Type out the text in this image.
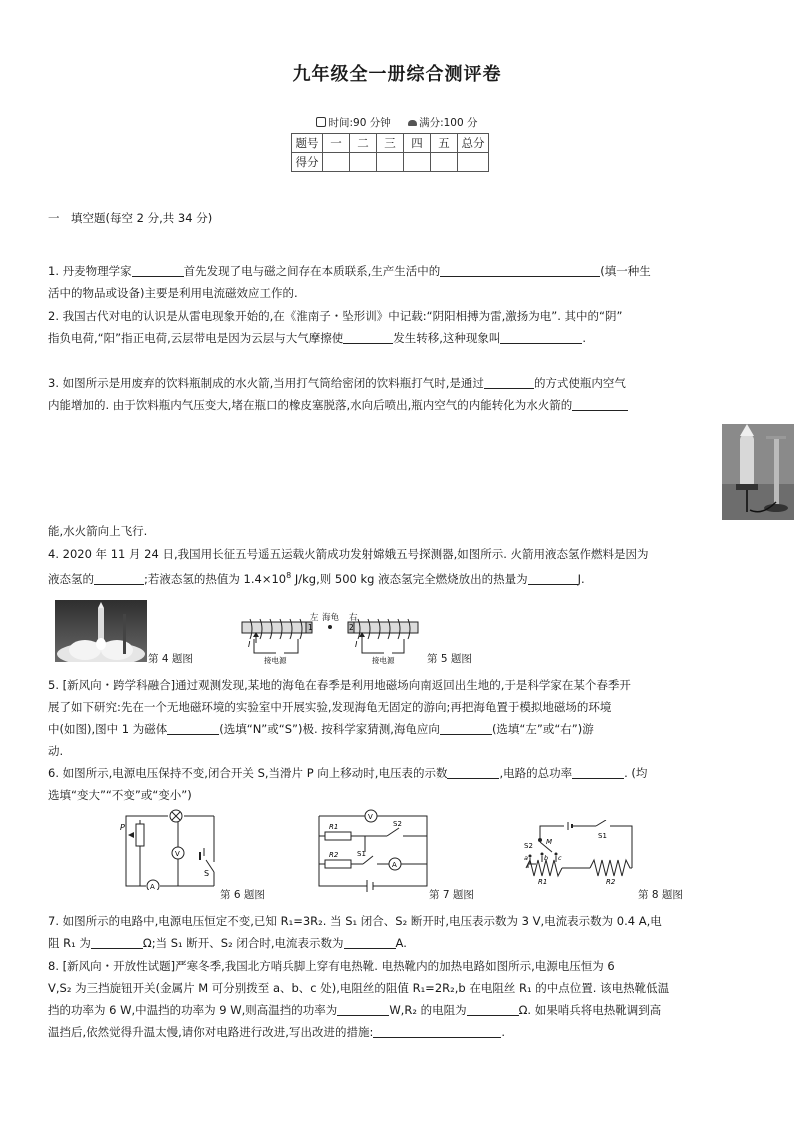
九年级全一册综合测评卷
时间:90 分钟	满分:100 分
题号	一	二	三	四	五	总分
得分						
一　填空题(每空 2 分,共 34 分)
1. 丹麦物理学家	首先发现了电与磁之间存在本质联系,生产生活中的	(填一种生
活中的物品或设备)主要是利用电流磁效应工作的.
2. 我国古代对电的认识是从雷电现象开始的,在《淮南子・坠形训》中记载:“阴阳相搏为雷,激扬为电”. 其中的“阴”
指负电荷,“阳”指正电荷,云层带电是因为云层与大气摩擦使	发生转移,这种现象叫	.
3. 如图所示是用废弃的饮料瓶制成的水火箭,当用打气筒给密闭的饮料瓶打气时,是通过	的方式使瓶内空气
内能增加的. 由于饮料瓶内气压变大,堵在瓶口的橡皮塞脱落,水向后喷出,瓶内空气的内能转化为水火箭的
能,水火箭向上飞行.
4. 2020 年 11 月 24 日,我国用长征五号遥五运载火箭成功发射嫦娥五号探测器,如图所示. 火箭用液态氢作燃料是因为
液态氢的	;若液态氢的热值为 $1.4\times 10^8$ J/kg,则 500 kg 液态氢完全燃烧放出的热量为	J.
第 4 题图
I	I
接电源	接电源
1	2
左 海龟 右
第 5 题图
5. [新风向・跨学科融合]通过观测发现,某地的海龟在春季是利用地磁场向南返回出生地的,于是科学家在某个春季开
展了如下研究:先在一个无地磁环境的实验室中开展实验,发现海龟无固定的游向;再把海龟置于模拟地磁场的环境
中(如图),图中 1 为磁体	(选填“N”或“S”)极. 按科学家猜测,海龟应向	(选填“左”或“右”)游
动.
6. 如图所示,电源电压保持不变,闭合开关 S,当滑片 P 向上移动时,电压表的示数	,电路的总功率	. (均
选填“变大”“不变”或“变小”)
P
V
A
S
第 6 题图
V
A
R1
R2
S2
S1
第 7 题图
S2
S1
M
a b c
R1	R2
第 8 题图
7. 如图所示的电路中,电源电压恒定不变,已知 R₁=3R₂. 当 S₁ 闭合、S₂ 断开时,电压表示数为 3 V,电流表示数为 0.4 A,电
阻 R₁ 为	Ω;当 S₁ 断开、S₂ 闭合时,电流表示数为	A.
8. [新风向・开放性试题]严寒冬季,我国北方哨兵脚上穿有电热靴. 电热靴内的加热电路如图所示,电源电压恒为 6
V,S₂ 为三挡旋钮开关(金属片 M 可分别拨至 a、b、c 处),电阻丝的阻值 R₁=2R₂,b 在电阻丝 R₁ 的中点位置. 该电热靴低温
挡的功率为 6 W,中温挡的功率为 9 W,则高温挡的功率为	W,R₂ 的电阻为	Ω. 如果哨兵将电热靴调到高
温挡后,依然觉得升温太慢,请你对电路进行改进,写出改进的措施:	.
